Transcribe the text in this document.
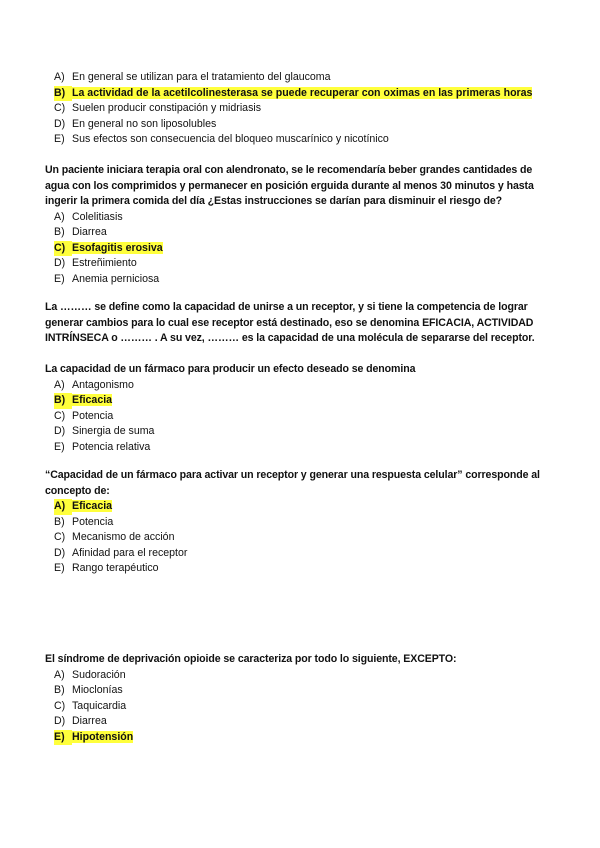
A) En general se utilizan para el tratamiento del glaucoma
B) La actividad de la acetilcolinesterasa se puede recuperar con oximas en las primeras horas
C) Suelen producir constipación y midriasis
D) En general no son liposolubles
E) Sus efectos son consecuencia del bloqueo muscarínico y nicotínico
Un paciente iniciara terapia oral con alendronato, se le recomendaría beber grandes cantidades de agua con los comprimidos y permanecer en posición erguida durante al menos 30 minutos y hasta ingerir la primera comida del día ¿Estas instrucciones se darían para disminuir el riesgo de?
A) Colelitiasis
B) Diarrea
C) Esofagitis erosiva
D) Estreñimiento
E) Anemia perniciosa
La ……… se define como la capacidad de unirse a un receptor, y si tiene la competencia de lograr generar cambios para lo cual ese receptor está destinado, eso se denomina EFICACIA, ACTIVIDAD INTRÍNSECA o ……… . A su vez, ……… es la capacidad de una molécula de separarse del receptor.
La capacidad de un fármaco para producir un efecto deseado se denomina
A) Antagonismo
B) Eficacia
C) Potencia
D) Sinergia de suma
E) Potencia relativa
“Capacidad de un fármaco para activar un receptor y generar una respuesta celular” corresponde al concepto de:
A) Eficacia
B) Potencia
C) Mecanismo de acción
D) Afinidad para el receptor
E) Rango terapéutico
El síndrome de deprivación opioide se caracteriza por todo lo siguiente, EXCEPTO:
A) Sudoración
B) Mioclonías
C) Taquicardia
D) Diarrea
E) Hipotensión
